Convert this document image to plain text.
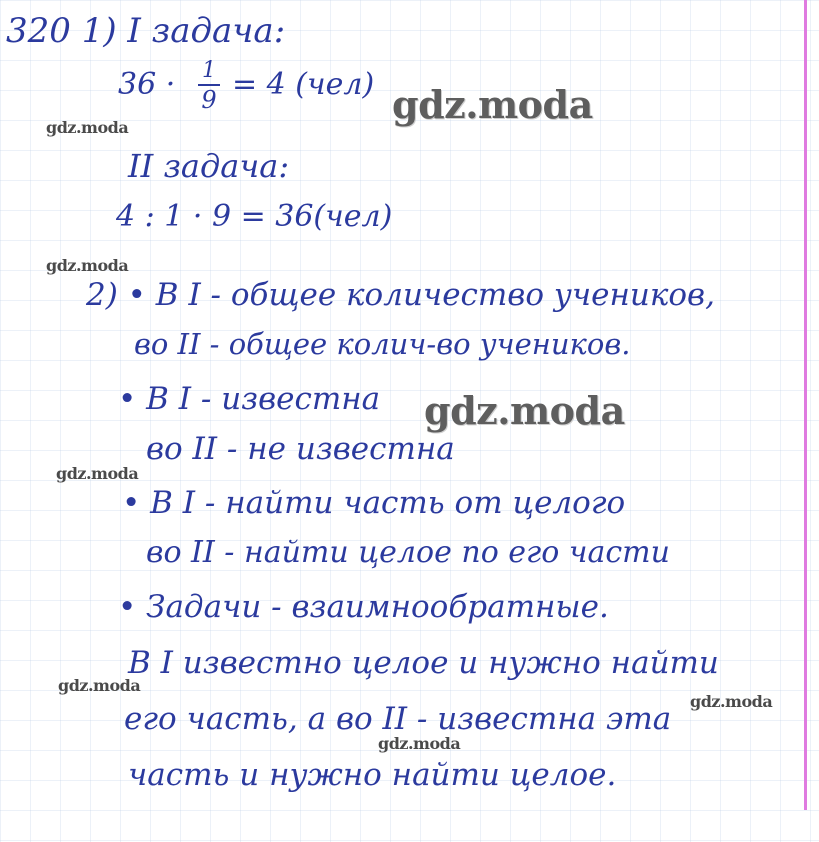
320 1) I задача:
36 · 1
9 = 4 (чел)
II задача:
4 : 1 · 9 = 36(чел)
2) • В I - общее количество учеников,
во II - общее колич-во учеников.
• В I - известна
во II - не известна
• В I - найти часть от целого
во II - найти целое по его части
• Задачи - взаимнообратные.
В I известно целое и нужно найти
его часть, а во II - известна эта
часть и нужно найти целое.
gdz.moda
gdz.moda
gdz.moda
gdz.moda
gdz.moda
gdz.moda
gdz.moda
gdz.moda
